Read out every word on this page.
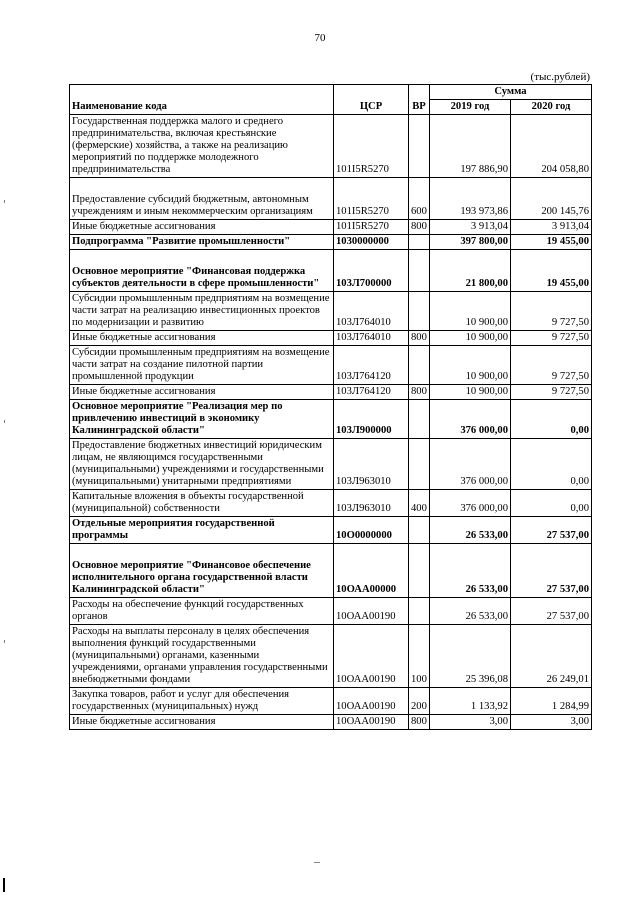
70
(тыс.рублей)
Наименование кода	ЦСР	ВР	Сумма	
			2019 год	2020 год
Государственная поддержка малого и среднего предпринимательства, включая крестьянские (фермерские) хозяйства, а также на реализацию мероприятий по поддержке молодежного предпринимательства	101I5R5270		197 886,90	204 058,80
Предоставление субсидий бюджетным, автономным учреждениям и иным некоммерческим организациям	101I5R5270	600	193 973,86	200 145,76
Иные бюджетные ассигнования	101I5R5270	800	3 913,04	3 913,04
Подпрограмма "Развитие промышленности"	1030000000		397 800,00	19 455,00
Основное мероприятие "Финансовая поддержка субъектов деятельности в сфере промышленности"	103Л700000		21 800,00	19 455,00
Субсидии промышленным предприятиям на возмещение части затрат на реализацию инвестиционных проектов по модернизации и развитию	103Л764010		10 900,00	9 727,50
Иные бюджетные ассигнования	103Л764010	800	10 900,00	9 727,50
Субсидии промышленным предприятиям на возмещение части затрат на создание пилотной партии промышленной продукции	103Л764120		10 900,00	9 727,50
Иные бюджетные ассигнования	103Л764120	800	10 900,00	9 727,50
Основное мероприятие "Реализация мер по привлечению инвестиций в экономику Калининградской области"	103Л900000		376 000,00	0,00
Предоставление бюджетных инвестиций юридическим лицам, не являющимся государственными (муниципальными) учреждениями и государственными (муниципальными) унитарными предприятиями	103Л963010		376 000,00	0,00
Капитальные вложения в объекты государственной (муниципальной) собственности	103Л963010	400	376 000,00	0,00
Отдельные мероприятия государственной программы	10О0000000		26 533,00	27 537,00
Основное мероприятие "Финансовое обеспечение исполнительного органа государственной власти Калининградской области"	10ОАА00000		26 533,00	27 537,00
Расходы на обеспечение функций государственных органов	10ОАА00190		26 533,00	27 537,00
Расходы на выплаты персоналу в целях обеспечения выполнения функций государственными (муниципальными) органами, казенными учреждениями, органами управления государственными внебюджетными фондами	10ОАА00190	100	25 396,08	26 249,01
Закупка товаров, работ и услуг для обеспечения государственных (муниципальных) нужд	10ОАА00190	200	1 133,92	1 284,99
Иные бюджетные ассигнования	10ОАА00190	800	3,00	3,00
